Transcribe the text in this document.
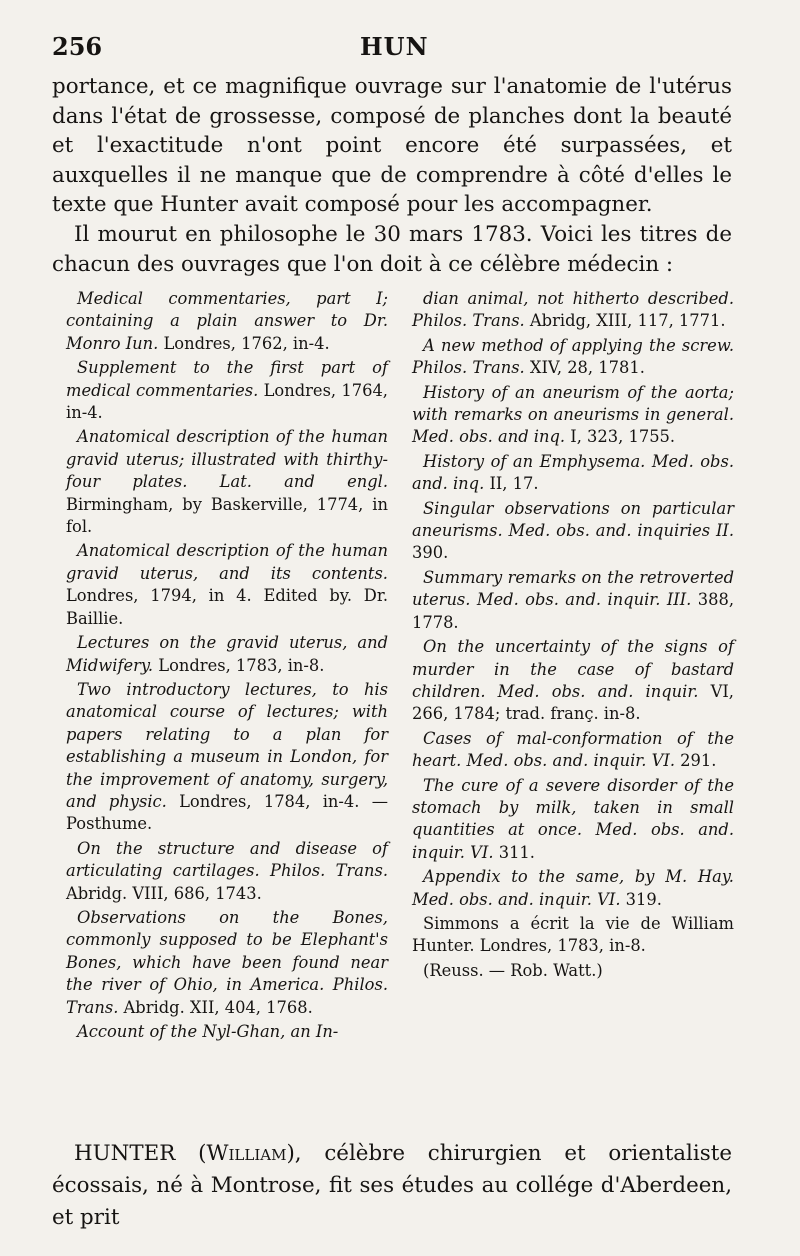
256	HUN

portance, et ce magnifique ouvrage sur l'anatomie de l'utérus dans l'état de grossesse, composé de planches dont la beauté et l'exactitude n'ont point encore été surpassées, et auxquelles il ne manque que de comprendre à côté d'elles le texte que Hunter avait composé pour les accompagner.

Il mourut en philosophe le 30 mars 1783. Voici les titres de chacun des ouvrages que l'on doit à ce célèbre médecin :

Medical commentaries, part I; containing a plain answer to Dr. Monro Iun. Londres, 1762, in-4.

Supplement to the first part of medical commentaries. Londres, 1764, in-4.

Anatomical description of the human gravid uterus; illustrated with thirthy-four plates. Lat. and engl. Birmingham, by Baskerville, 1774, in fol.

Anatomical description of the human gravid uterus, and its contents. Londres, 1794, in 4. Edited by. Dr. Baillie.

Lectures on the gravid uterus, and Midwifery. Londres, 1783, in-8.

Two introductory lectures, to his anatomical course of lectures; with papers relating to a plan for establishing a museum in London, for the improvement of anatomy, surgery, and physic. Londres, 1784, in-4. — Posthume.

On the structure and disease of articulating cartilages. Philos. Trans. Abridg. VIII, 686, 1743.

Observations on the Bones, commonly supposed to be Elephant's Bones, which have been found near the river of Ohio, in America. Philos. Trans. Abridg. XII, 404, 1768.

Account of the Nyl-Ghan, an In-

dian animal, not hitherto described. Philos. Trans. Abridg, XIII, 117, 1771.

A new method of applying the screw. Philos. Trans. XIV, 28, 1781.

History of an aneurism of the aorta; with remarks on aneurisms in general. Med. obs. and inq. I, 323, 1755.

History of an Emphysema. Med. obs. and. inq. II, 17.

Singular observations on particular aneurisms. Med. obs. and. inquiries II. 390.

Summary remarks on the retroverted uterus. Med. obs. and. inquir. III. 388, 1778.

On the uncertainty of the signs of murder in the case of bastard children. Med. obs. and. inquir. VI, 266, 1784; trad. franç. in-8.

Cases of mal-conformation of the heart. Med. obs. and. inquir. VI. 291.

The cure of a severe disorder of the stomach by milk, taken in small quantities at once. Med. obs. and. inquir. VI. 311.

Appendix to the same, by M. Hay. Med. obs. and. inquir. VI. 319.

Simmons a écrit la vie de William Hunter. Londres, 1783, in-8.

(Reuss. — Rob. Watt.)

HUNTER (William), célèbre chirurgien et orientaliste écossais, né à Montrose, fit ses études au collége d'Aberdeen, et prit
